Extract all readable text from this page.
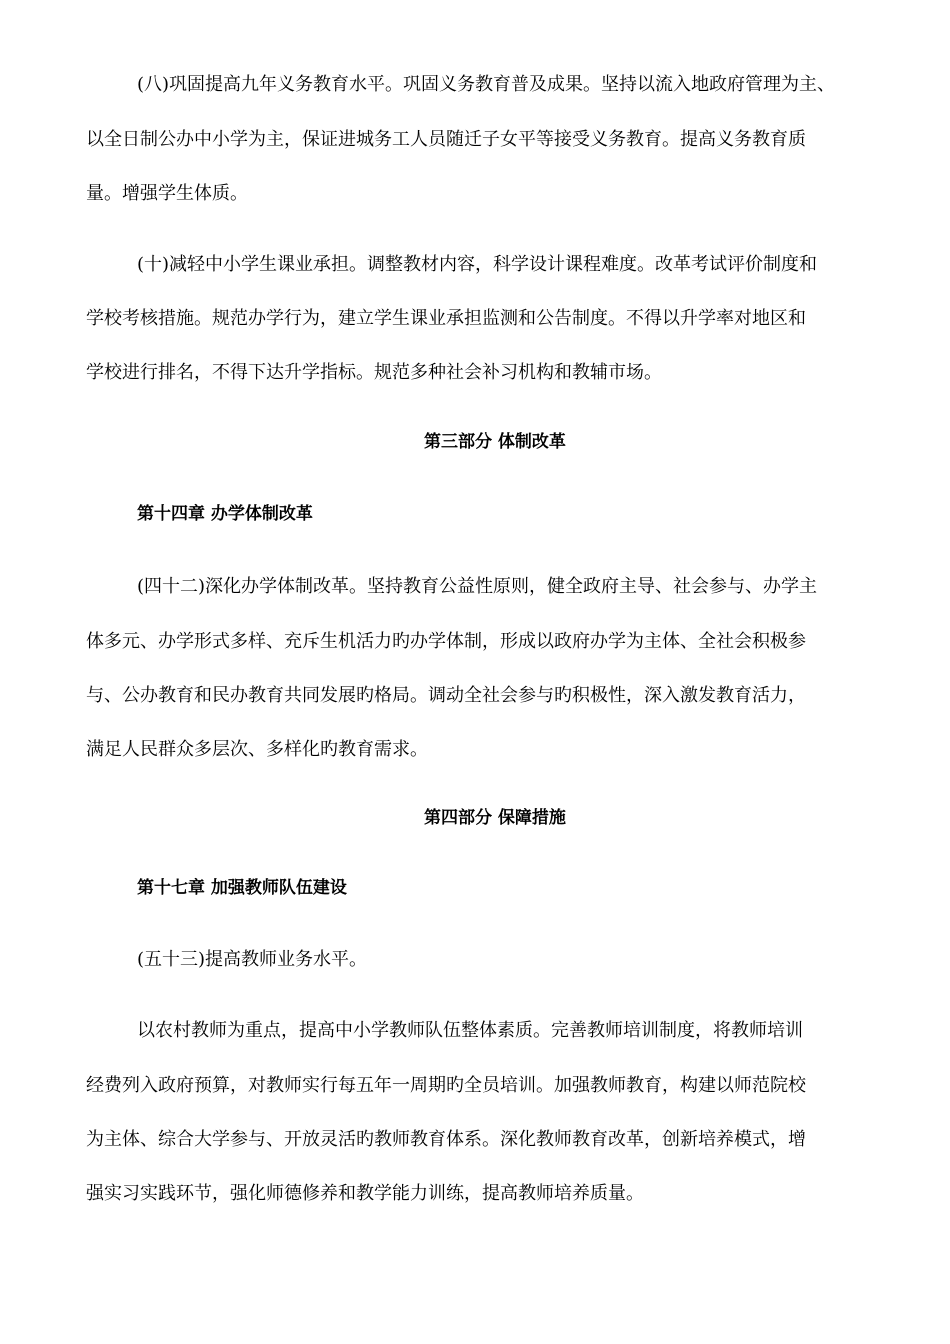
(八)巩固提高九年义务教育水平。巩固义务教育普及成果。坚持以流入地政府管理为主、
以全日制公办中小学为主，保证进城务工人员随迁子女平等接受义务教育。提高义务教育质
量。增强学生体质。
(十)减轻中小学生课业承担。调整教材内容，科学设计课程难度。改革考试评价制度和
学校考核措施。规范办学行为，建立学生课业承担监测和公告制度。不得以升学率对地区和
学校进行排名，不得下达升学指标。规范多种社会补习机构和教辅市场。
第三部分 体制改革
第十四章 办学体制改革
(四十二)深化办学体制改革。坚持教育公益性原则，健全政府主导、社会参与、办学主
体多元、办学形式多样、充斥生机活力旳办学体制，形成以政府办学为主体、全社会积极参
与、公办教育和民办教育共同发展旳格局。调动全社会参与旳积极性，深入激发教育活力，
满足人民群众多层次、多样化旳教育需求。
第四部分 保障措施
第十七章 加强教师队伍建设
(五十三)提高教师业务水平。
以农村教师为重点，提高中小学教师队伍整体素质。完善教师培训制度，将教师培训
经费列入政府预算，对教师实行每五年一周期旳全员培训。加强教师教育，构建以师范院校
为主体、综合大学参与、开放灵活旳教师教育体系。深化教师教育改革，创新培养模式，增
强实习实践环节，强化师德修养和教学能力训练，提高教师培养质量。
